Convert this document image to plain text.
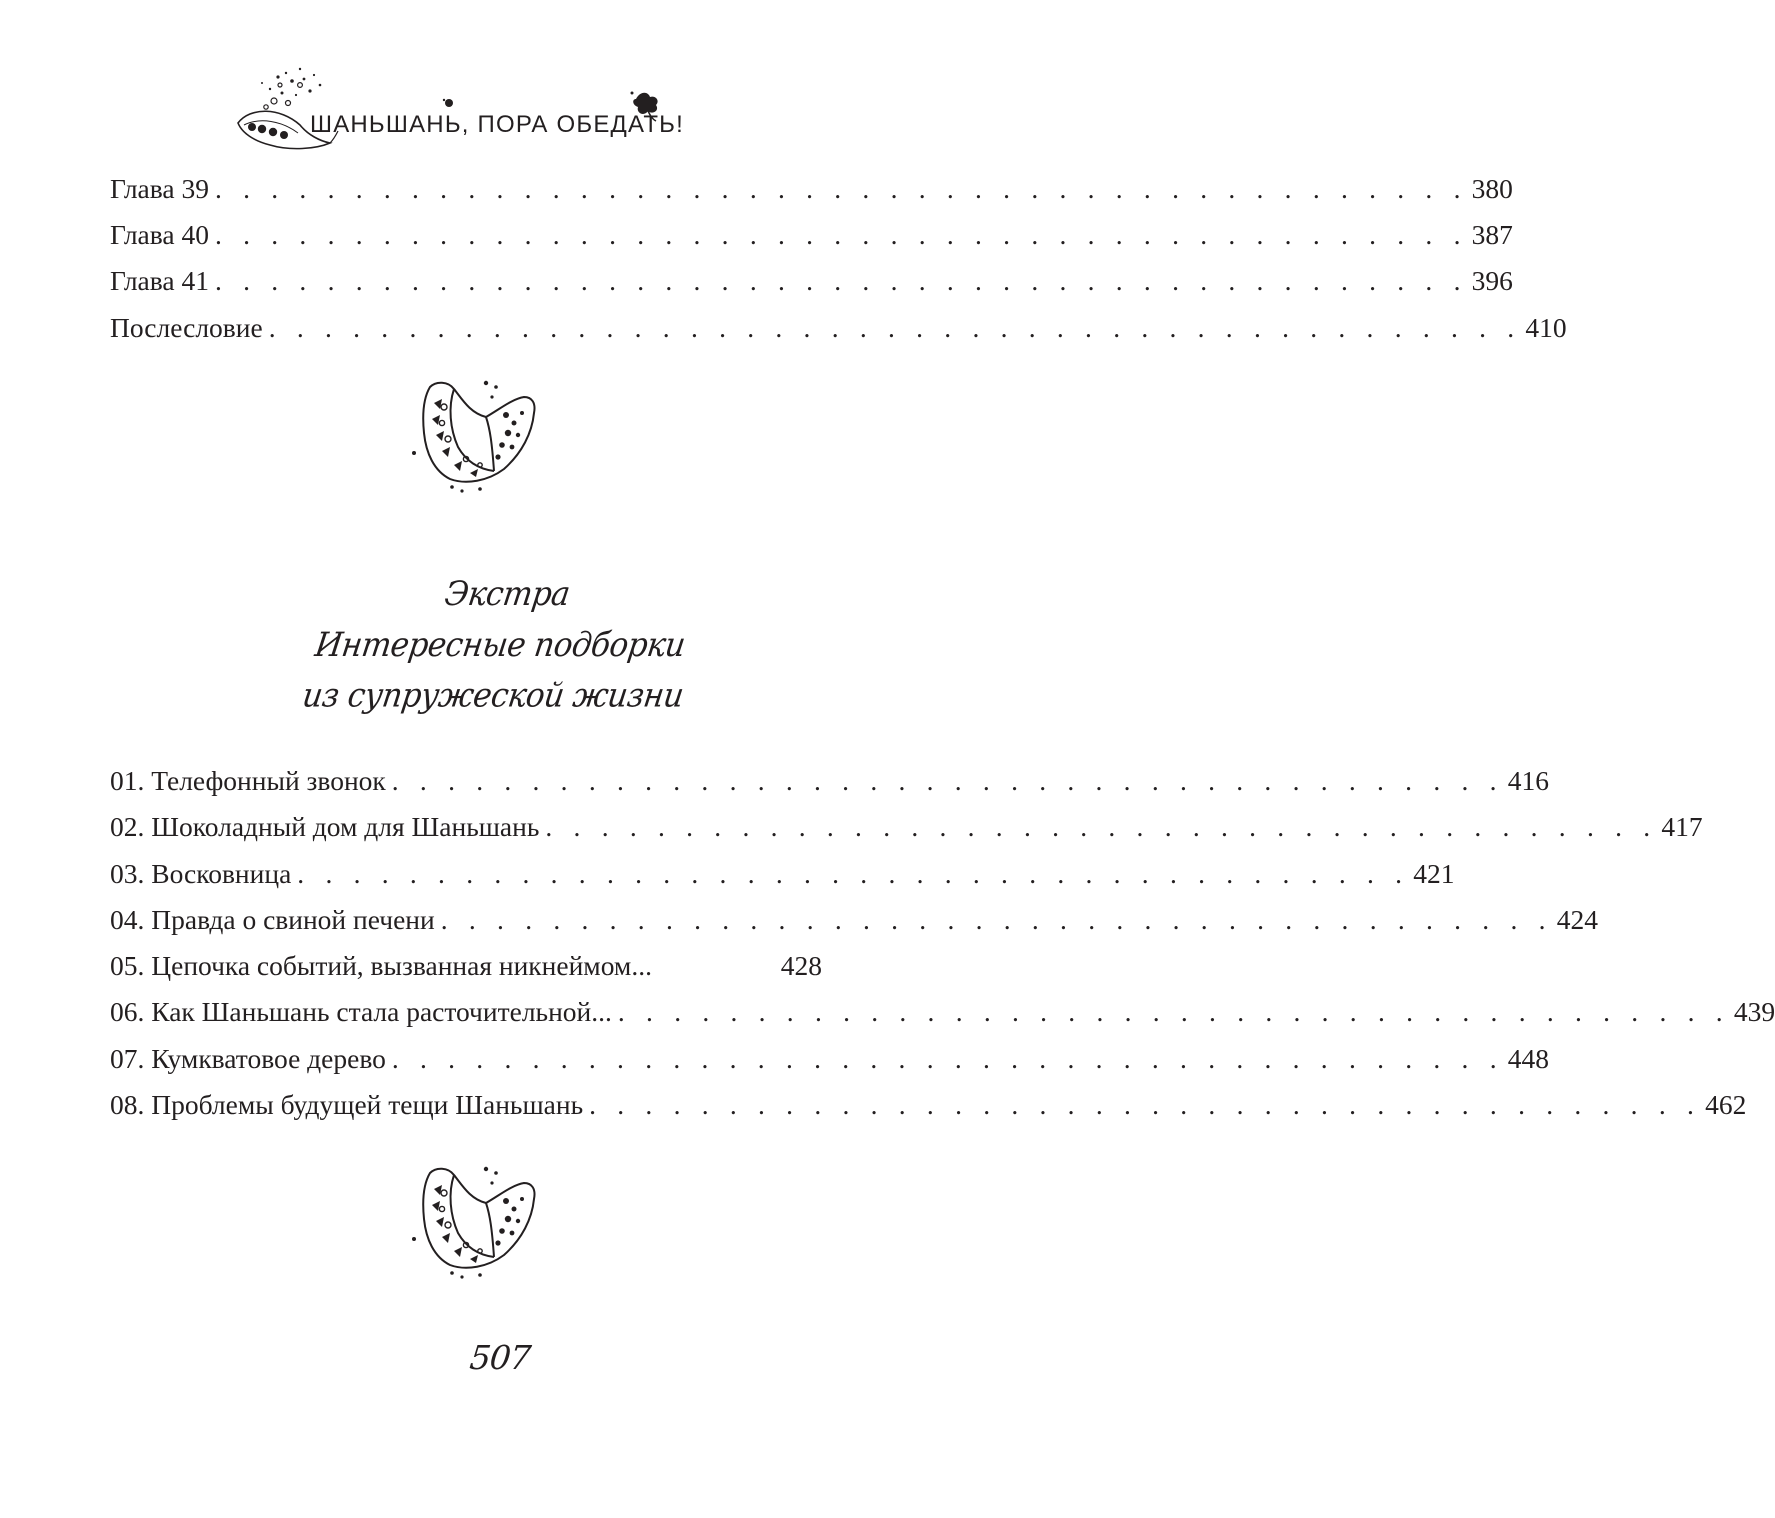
ШАНЬШАНЬ, ПОРА ОБЕДАТЬ!
Глава 39 . . . . . . . . . . . . . . . . . . . . . . . . . . . . . . . . . . . . . . . . . . . . . 380
Глава 40 . . . . . . . . . . . . . . . . . . . . . . . . . . . . . . . . . . . . . . . . . . . . . 387
Глава 41 . . . . . . . . . . . . . . . . . . . . . . . . . . . . . . . . . . . . . . . . . . . . . 396
Послесловие . . . . . . . . . . . . . . . . . . . . . . . . . . . . . . . . . . . . . . . . . . . . . 410
Экстра
Интересные подборки
из супружеской жизни
01. Телефонный звонок . . . . . . . . . . . . . . . . . . . . . . . . . . . . . . . . . . . . . . . . 416
02. Шоколадный дом для Шаньшань . . . . . . . . . . . . . . . . . . . . . . . . . . . . . . . . . . . . . . . . 417
03. Восковница . . . . . . . . . . . . . . . . . . . . . . . . . . . . . . . . . . . . . . . . 421
04. Правда о свиной печени . . . . . . . . . . . . . . . . . . . . . . . . . . . . . . . . . . . . . . . . 424
05. Цепочка событий, вызванная никнеймом...	428
06. Как Шаньшань стала расточительной... . . . . . . . . . . . . . . . . . . . . . . . . . . . . . . . . . . . . . . . . 439
07. Кумкватовое дерево . . . . . . . . . . . . . . . . . . . . . . . . . . . . . . . . . . . . . . . . 448
08. Проблемы будущей тещи Шаньшань . . . . . . . . . . . . . . . . . . . . . . . . . . . . . . . . . . . . . . . . 462
507
